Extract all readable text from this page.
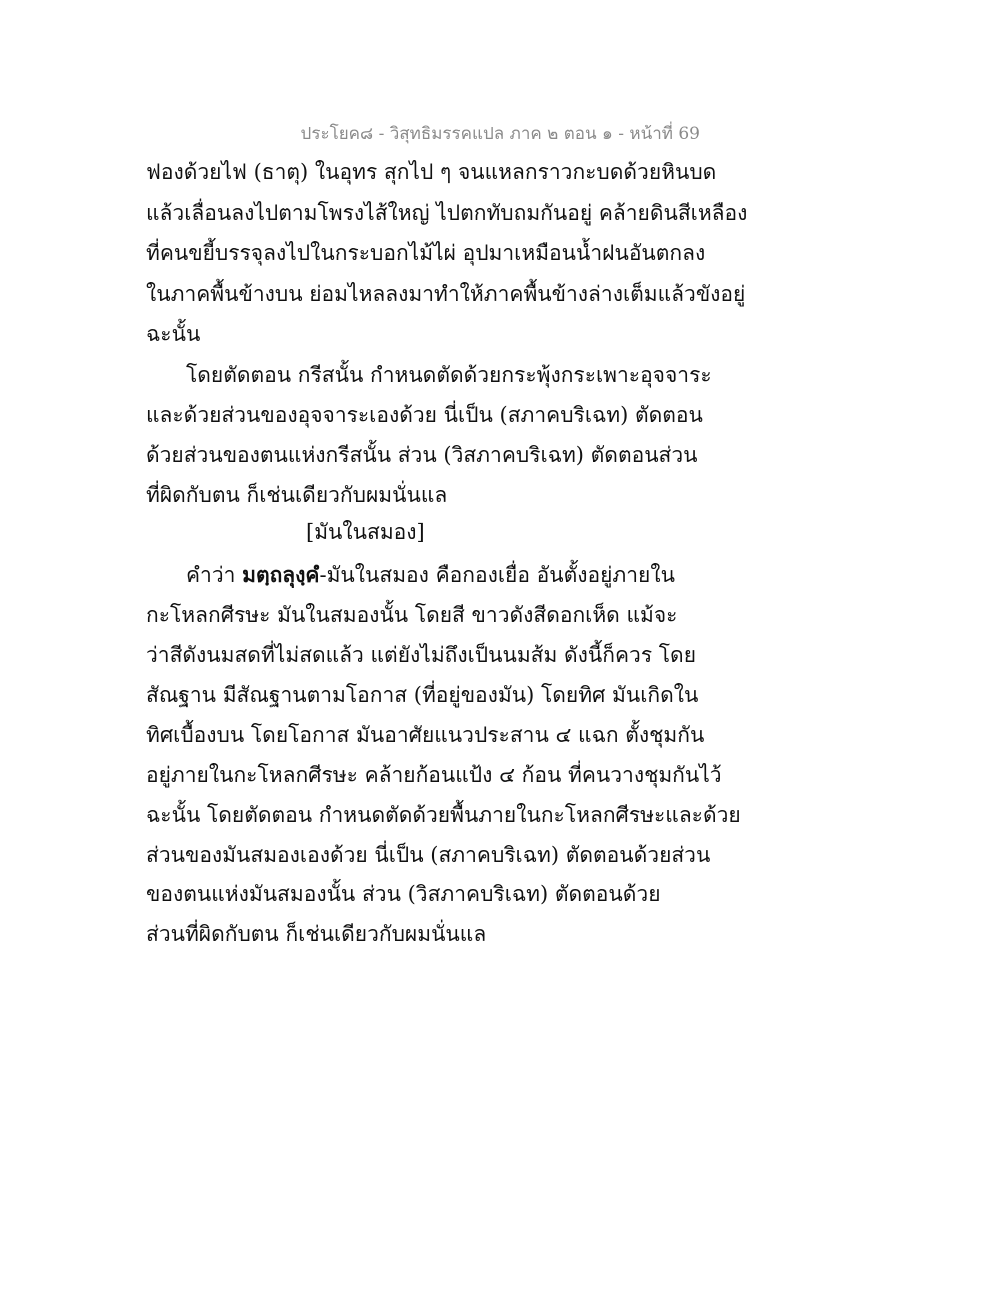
ประโยค๘ - วิสุทธิมรรคแปล ภาค ๒ ตอน ๑ - หน้าที่ 69
ฟองด้วยไฟ (ธาตุ) ในอุทร สุกไป ๆ จนแหลกราวกะบดด้วยหินบด
แล้วเลื่อนลงไปตามโพรงไส้ใหญ่ ไปตกทับถมกันอยู่ คล้ายดินสีเหลือง
ที่คนขยี้บรรจุลงไปในกระบอกไม้ไผ่ อุปมาเหมือนน้ำฝนอันตกลง
ในภาคพื้นข้างบน ย่อมไหลลงมาทำให้ภาคพื้นข้างล่างเต็มแล้วขังอยู่
ฉะนั้น
โดยตัดตอน กรีสนั้น กำหนดตัดด้วยกระพุ้งกระเพาะอุจจาระ
และด้วยส่วนของอุจจาระเองด้วย นี่เป็น (สภาคบริเฉท) ตัดตอน
ด้วยส่วนของตนแห่งกรีสนั้น ส่วน (วิสภาคบริเฉท) ตัดตอนส่วน
ที่ผิดกับตน ก็เช่นเดียวกับผมนั่นแล
[มันในสมอง]
คำว่า มตฺถลุงฺคํ-มันในสมอง คือกองเยื่อ อันตั้งอยู่ภายใน
กะโหลกศีรษะ มันในสมองนั้น โดยสี ขาวดังสีดอกเห็ด แม้จะ
ว่าสีดังนมสดที่ไม่สดแล้ว แต่ยังไม่ถึงเป็นนมส้ม ดังนี้ก็ควร โดย
สัณฐาน มีสัณฐานตามโอกาส (ที่อยู่ของมัน) โดยทิศ มันเกิดใน
ทิศเบื้องบน โดยโอกาส มันอาศัยแนวประสาน ๔ แฉก ตั้งชุมกัน
อยู่ภายในกะโหลกศีรษะ คล้ายก้อนแป้ง ๔ ก้อน ที่คนวางชุมกันไว้
ฉะนั้น โดยตัดตอน กำหนดตัดด้วยพื้นภายในกะโหลกศีรษะและด้วย
ส่วนของมันสมองเองด้วย นี่เป็น (สภาคบริเฉท) ตัดตอนด้วยส่วน
ของตนแห่งมันสมองนั้น ส่วน (วิสภาคบริเฉท) ตัดตอนด้วย
ส่วนที่ผิดกับตน ก็เช่นเดียวกับผมนั่นแล
